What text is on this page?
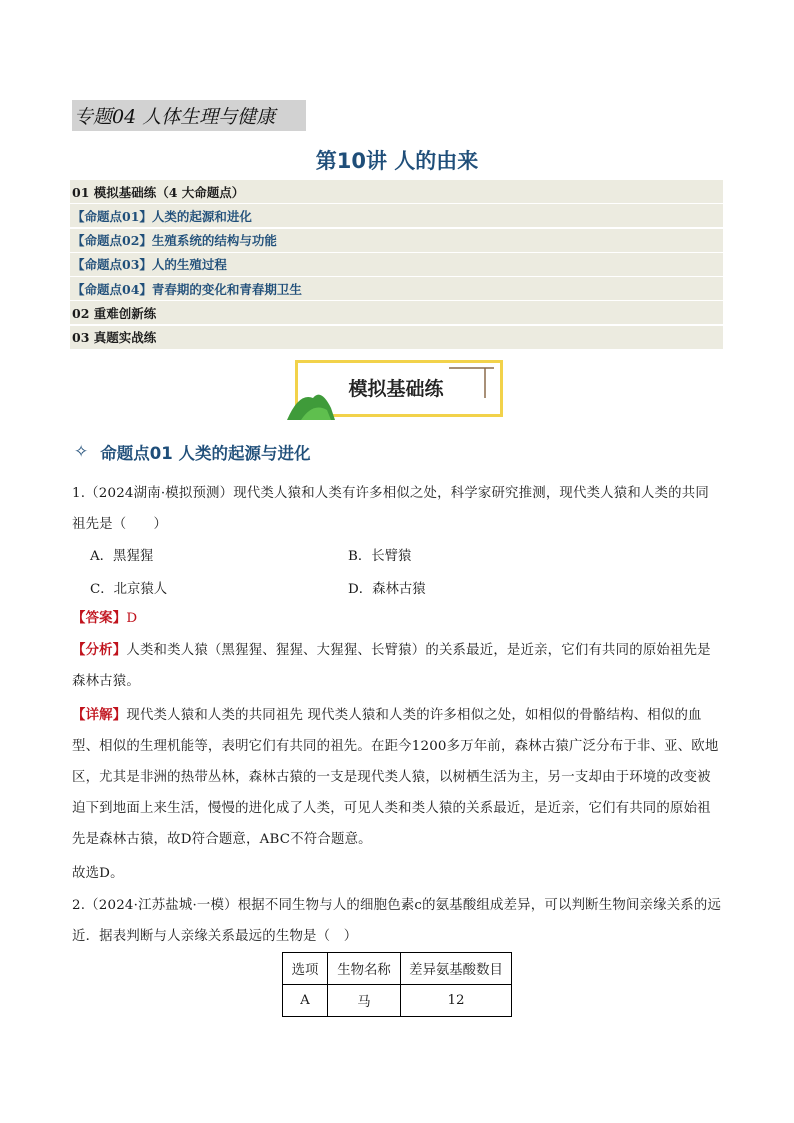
专题04 人体生理与健康
第10讲 人的由来
01 模拟基础练（4 大命题点）
【命题点01】人类的起源和进化
【命题点02】生殖系统的结构与功能
【命题点03】人的生殖过程
【命题点04】青春期的变化和青春期卫生
02 重难创新练
03 真题实战练
模拟基础练
✧ 命题点01 人类的起源与进化
1.（2024湖南·模拟预测）现代类人猿和人类有许多相似之处，科学家研究推测，现代类人猿和人类的共同祖先是（　　）
A．黑猩猩	B．长臂猿
C．北京猿人	D．森林古猿
【答案】D
【分析】人类和类人猿（黑猩猩、猩猩、大猩猩、长臂猿）的关系最近，是近亲，它们有共同的原始祖先是森林古猿。
【详解】现代类人猿和人类的共同祖先 现代类人猿和人类的许多相似之处，如相似的骨骼结构、相似的血型、相似的生理机能等，表明它们有共同的祖先。在距今1200多万年前，森林古猿广泛分布于非、亚、欧地区，尤其是非洲的热带丛林，森林古猿的一支是现代类人猿，以树栖生活为主，另一支却由于环境的改变被迫下到地面上来生活，慢慢的进化成了人类，可见人类和类人猿的关系最近，是近亲，它们有共同的原始祖先是森林古猿，故D符合题意，ABC不符合题意。
故选D。
2.（2024·江苏盐城·一模）根据不同生物与人的细胞色素c的氨基酸组成差异，可以判断生物间亲缘关系的远近．据表判断与人亲缘关系最远的生物是（　）
选项	生物名称	差异氨基酸数目
A	马	12
